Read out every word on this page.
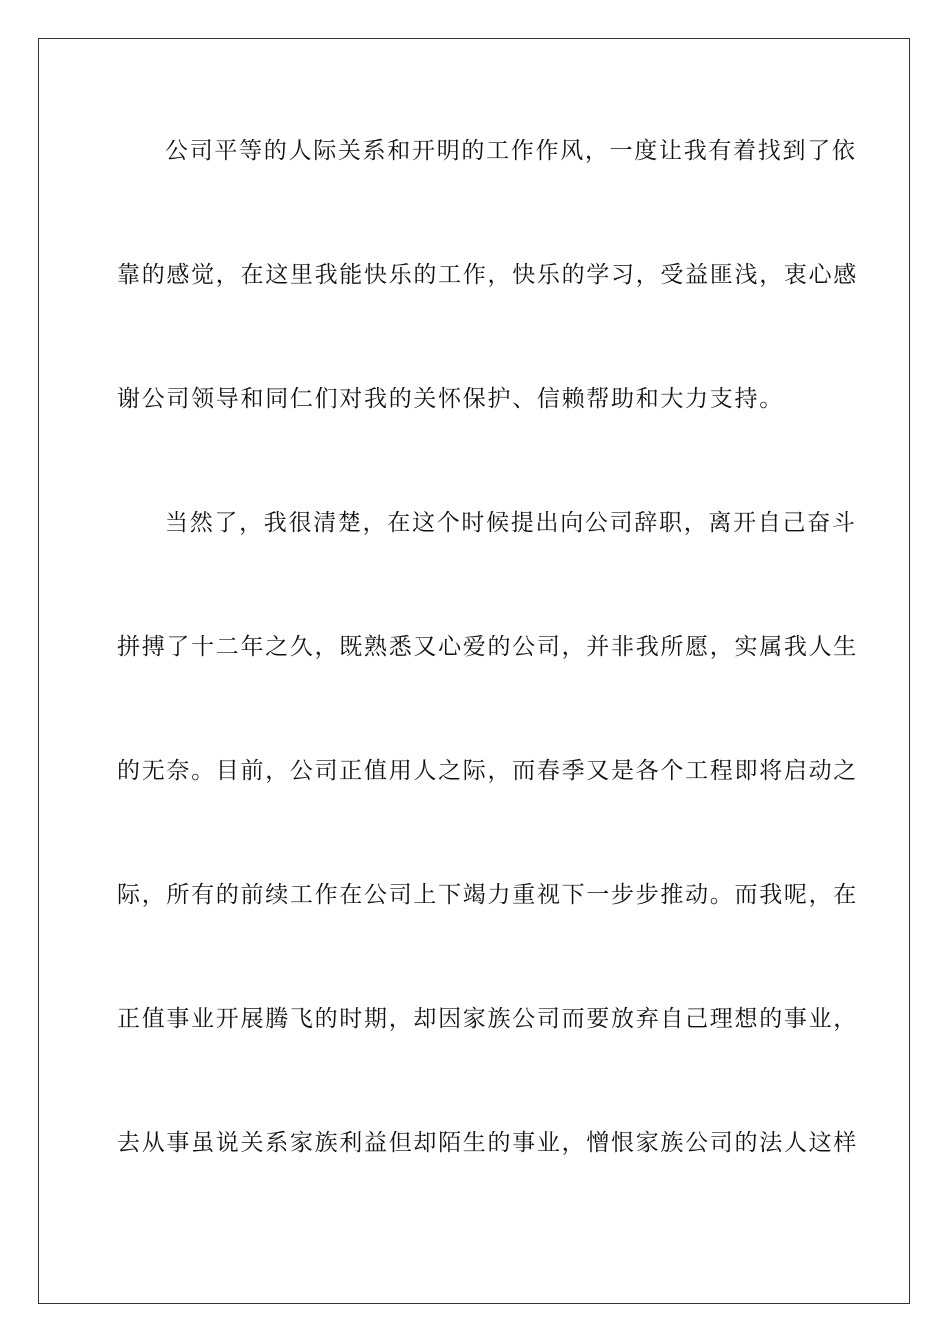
公司平等的人际关系和开明的工作作风，一度让我有着找到了依
靠的感觉，在这里我能快乐的工作，快乐的学习，受益匪浅，衷心感
谢公司领导和同仁们对我的关怀保护、信赖帮助和大力支持。
当然了，我很清楚，在这个时候提出向公司辞职，离开自己奋斗
拼搏了十二年之久，既熟悉又心爱的公司，并非我所愿，实属我人生
的无奈。目前，公司正值用人之际，而春季又是各个工程即将启动之
际，所有的前续工作在公司上下竭力重视下一步步推动。而我呢，在
正值事业开展腾飞的时期，却因家族公司而要放弃自己理想的事业，
去从事虽说关系家族利益但却陌生的事业，憎恨家族公司的法人这样
